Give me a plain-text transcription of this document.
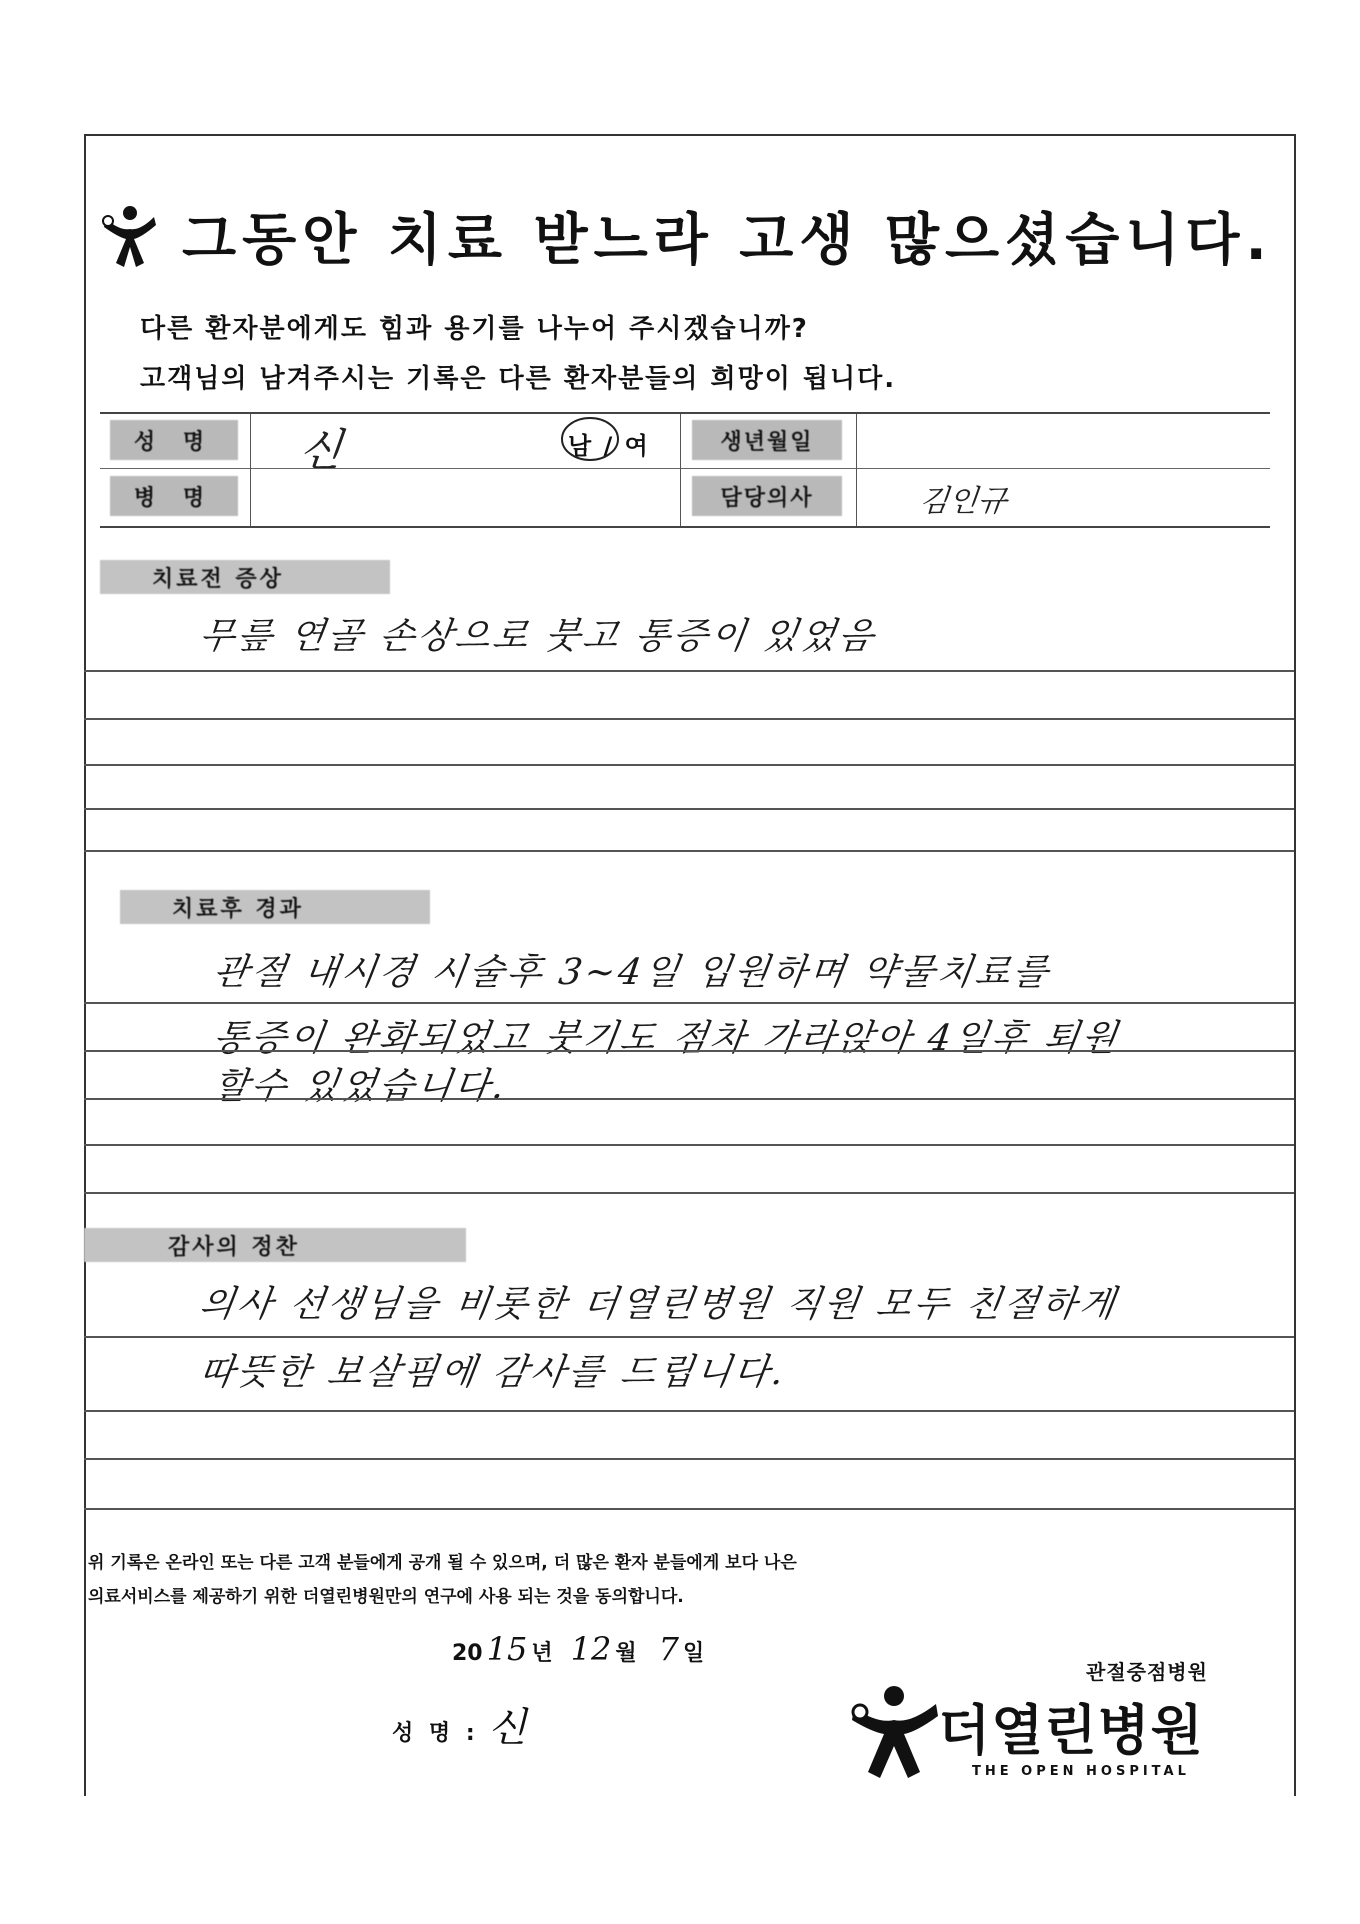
그동안 치료 받느라 고생 많으셨습니다.
다른 환자분에게도 힘과 용기를 나누어 주시겠습니까?
고객님의 남겨주시는 기록은 다른 환자분들의 희망이 됩니다.
성 명
병 명
생년월일
담당의사
신	남 / 여
김인규
치료전 증상
무릎 연골 손상으로 붓고 통증이 있었음
치료후 경과
관절 내시경 시술후 3~4일 입원하며 약물치료를
통증이 완화되었고 붓기도 점차 가라앉아 4일후 퇴원
할수 있었습니다.
감사의 정찬
의사 선생님을 비롯한 더열린병원 직원 모두 친절하게
따뜻한 보살핌에 감사를 드립니다.
위 기록은 온라인 또는 다른 고객 분들에게 공개 될 수 있으며, 더 많은 환자 분들에게 보다 나은
의료서비스를 제공하기 위한 더열린병원만의 연구에 사용 되는 것을 동의합니다.
20 15 년 12 월 7 일
성 명 : 신
관절중점병원
더열린병원
THE OPEN HOSPITAL
